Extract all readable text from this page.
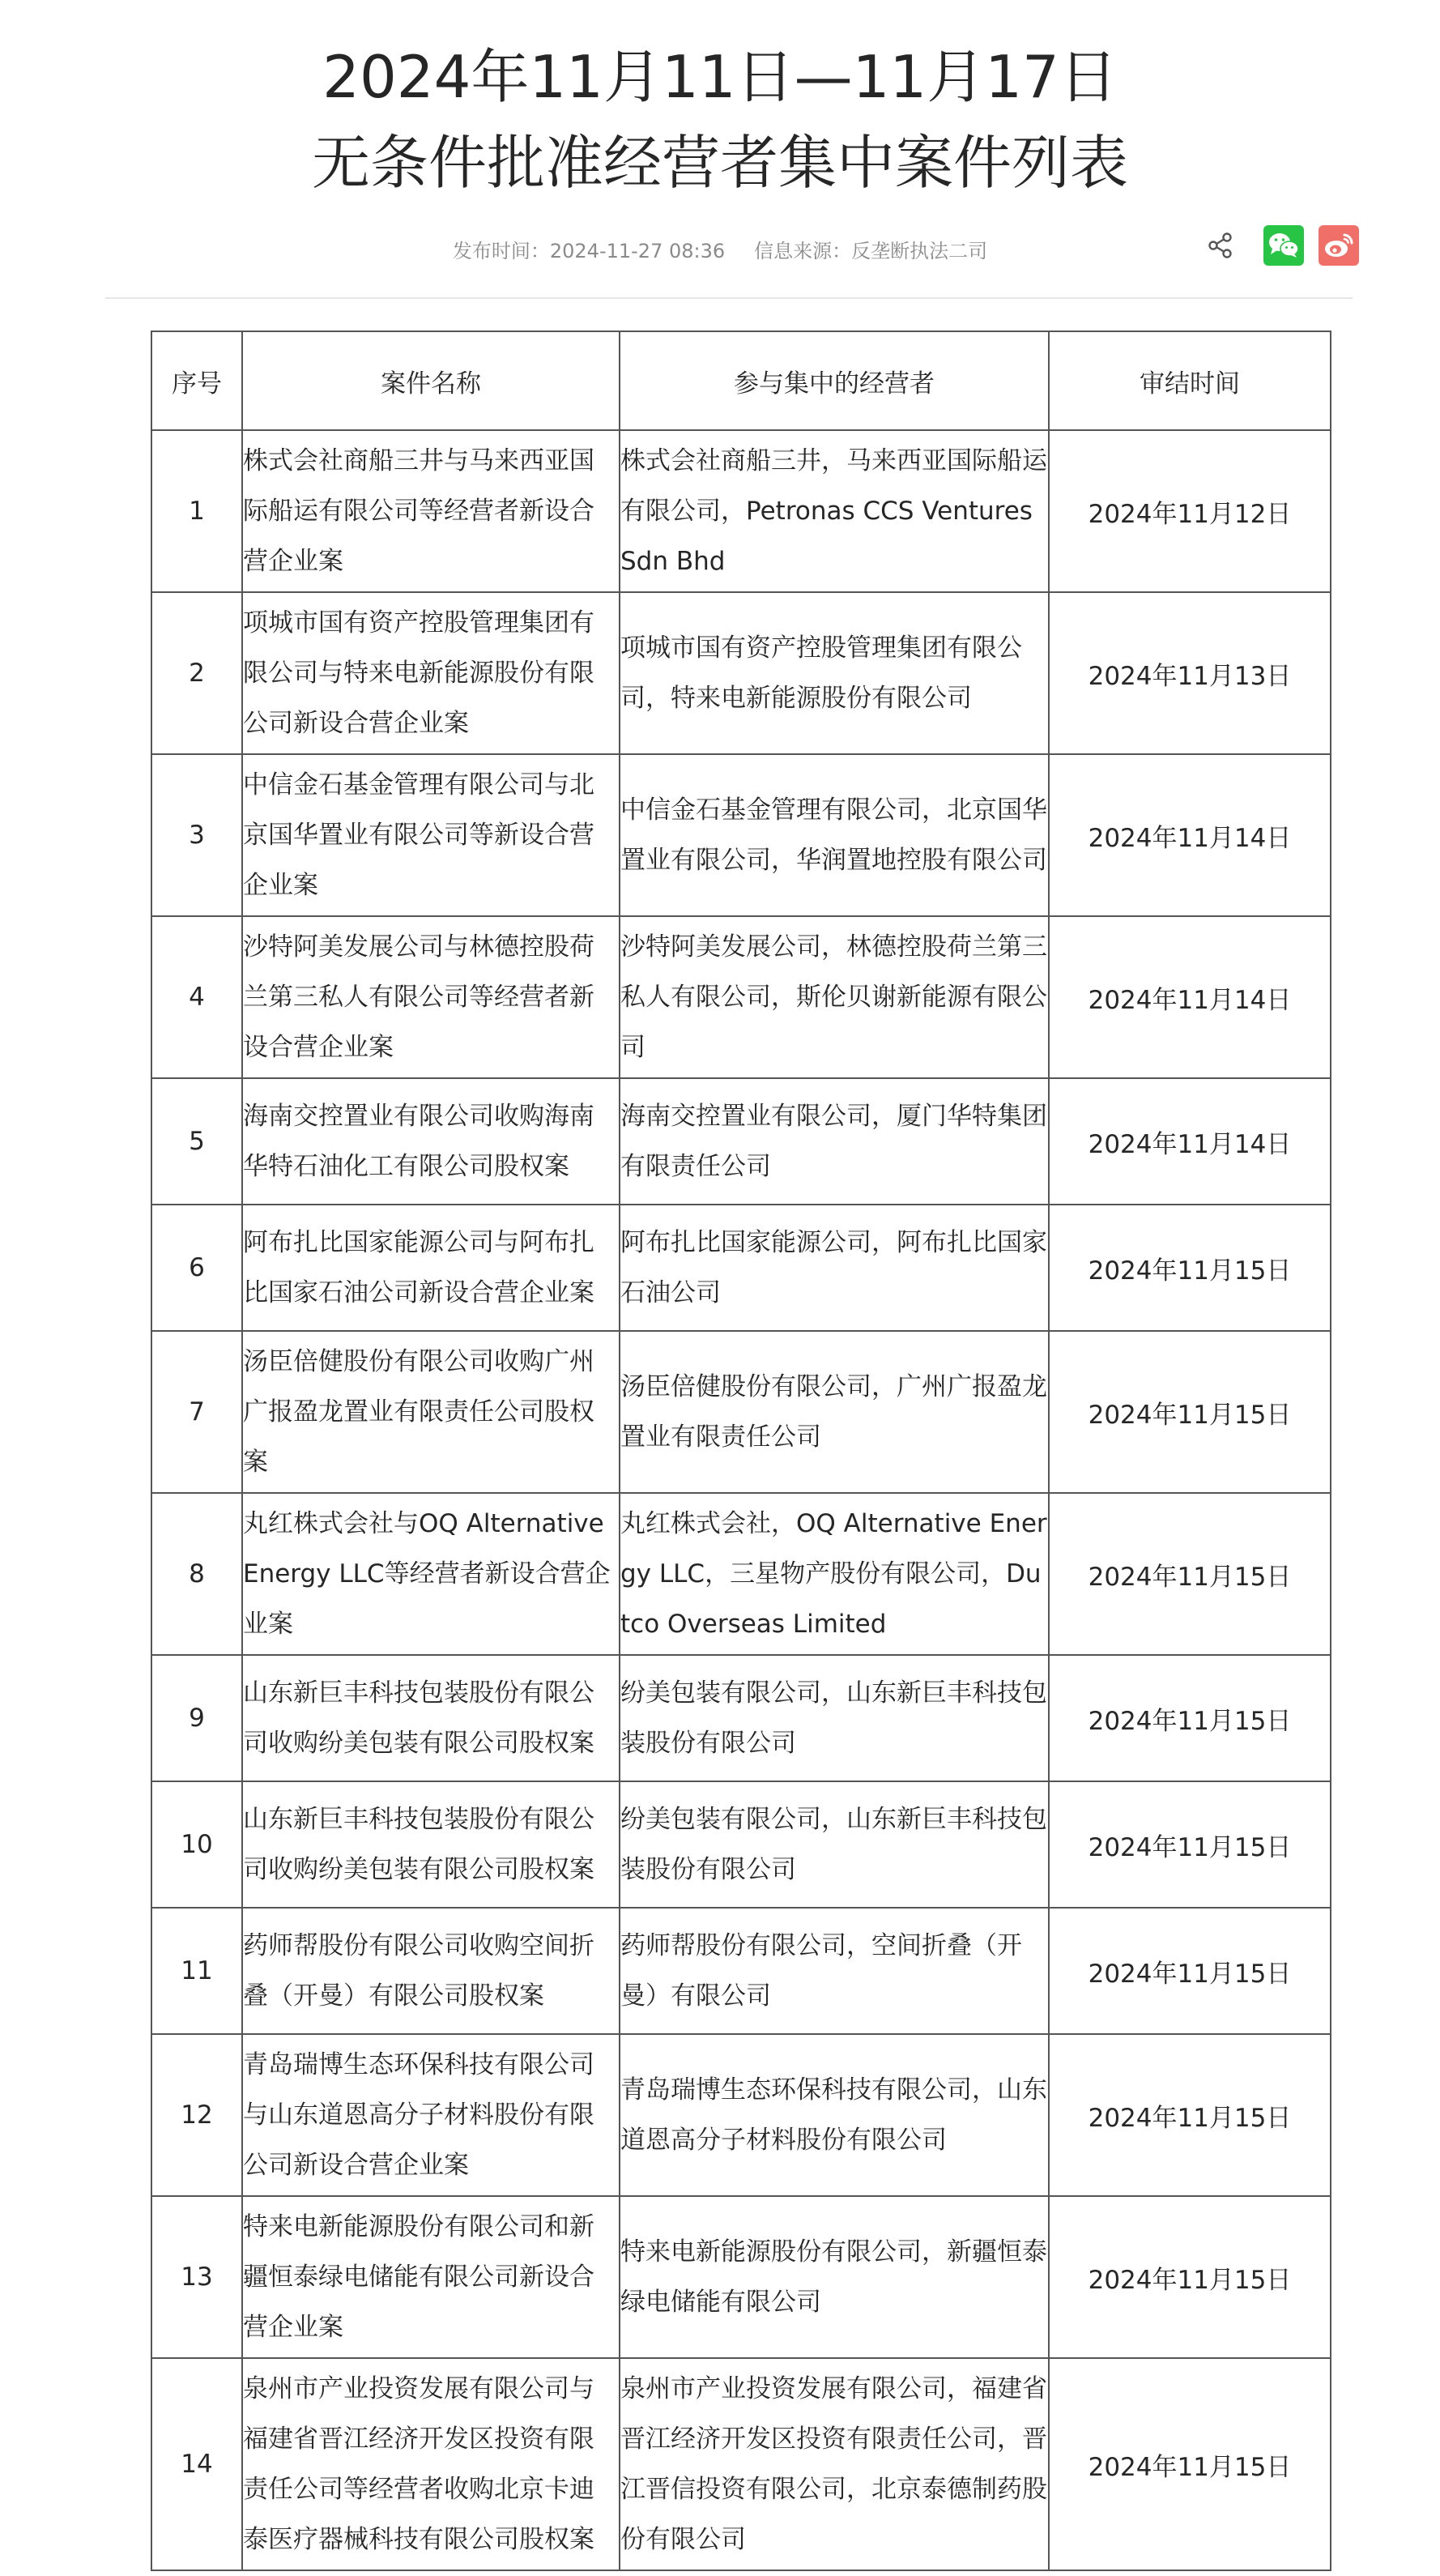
2024年11月11日—11月17日
无条件批准经营者集中案件列表
发布时间：2024-11-27 08:36 信息来源：反垄断执法二司
序号	案件名称	参与集中的经营者	审结时间
1	株式会社商船三井与马来西亚国际船运有限公司等经营者新设合营企业案	株式会社商船三井，马来西亚国际船运有限公司，Petronas CCS Ventures Sdn Bhd	2024年11月12日
2	项城市国有资产控股管理集团有限公司与特来电新能源股份有限公司新设合营企业案	项城市国有资产控股管理集团有限公司，特来电新能源股份有限公司	2024年11月13日
3	中信金石基金管理有限公司与北京国华置业有限公司等新设合营企业案	中信金石基金管理有限公司，北京国华置业有限公司，华润置地控股有限公司	2024年11月14日
4	沙特阿美发展公司与林德控股荷兰第三私人有限公司等经营者新设合营企业案	沙特阿美发展公司，林德控股荷兰第三私人有限公司，斯伦贝谢新能源有限公司	2024年11月14日
5	海南交控置业有限公司收购海南华特石油化工有限公司股权案	海南交控置业有限公司，厦门华特集团有限责任公司	2024年11月14日
6	阿布扎比国家能源公司与阿布扎比国家石油公司新设合营企业案	阿布扎比国家能源公司，阿布扎比国家石油公司	2024年11月15日
7	汤臣倍健股份有限公司收购广州广报盈龙置业有限责任公司股权案	汤臣倍健股份有限公司，广州广报盈龙置业有限责任公司	2024年11月15日
8	丸红株式会社与OQ Alternative Energy LLC等经营者新设合营企业案	丸红株式会社，OQ Alternative Energy LLC，三星物产股份有限公司，Dutco Overseas Limited	2024年11月15日
9	山东新巨丰科技包装股份有限公司收购纷美包装有限公司股权案	纷美包装有限公司，山东新巨丰科技包装股份有限公司	2024年11月15日
10	山东新巨丰科技包装股份有限公司收购纷美包装有限公司股权案	纷美包装有限公司，山东新巨丰科技包装股份有限公司	2024年11月15日
11	药师帮股份有限公司收购空间折叠（开曼）有限公司股权案	药师帮股份有限公司，空间折叠（开曼）有限公司	2024年11月15日
12	青岛瑞博生态环保科技有限公司与山东道恩高分子材料股份有限公司新设合营企业案	青岛瑞博生态环保科技有限公司，山东道恩高分子材料股份有限公司	2024年11月15日
13	特来电新能源股份有限公司和新疆恒泰绿电储能有限公司新设合营企业案	特来电新能源股份有限公司，新疆恒泰绿电储能有限公司	2024年11月15日
14	泉州市产业投资发展有限公司与福建省晋江经济开发区投资有限责任公司等经营者收购北京卡迪泰医疗器械科技有限公司股权案	泉州市产业投资发展有限公司，福建省晋江经济开发区投资有限责任公司，晋江晋信投资有限公司，北京泰德制药股份有限公司	2024年11月15日
